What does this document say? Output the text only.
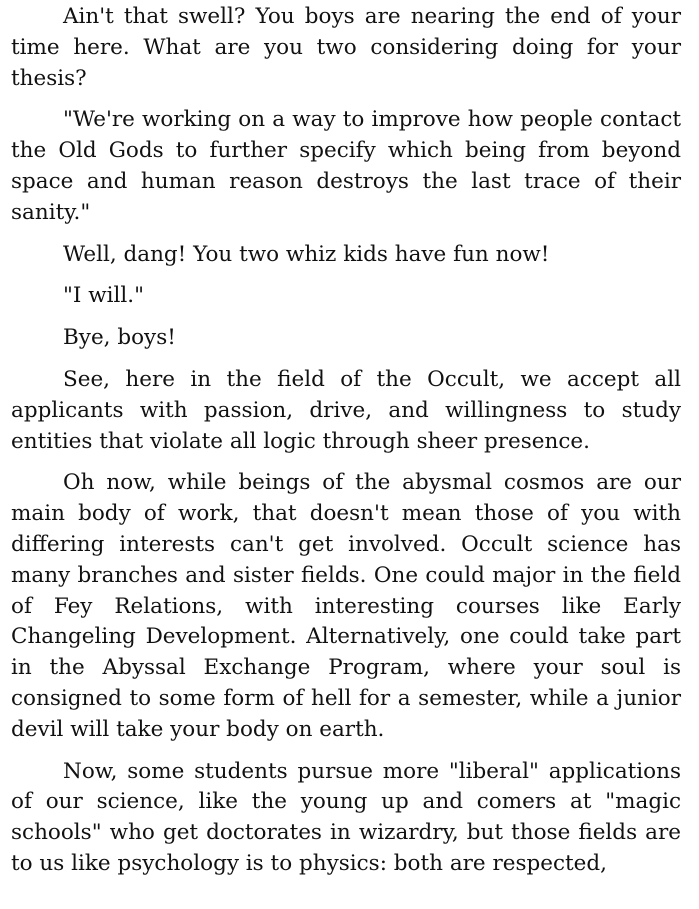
Ain't that swell? You boys are nearing the end of your time here. What are you two considering doing for your thesis?

"We're working on a way to improve how people contact the Old Gods to further specify which being from beyond space and human reason destroys the last trace of their sanity."

Well, dang! You two whiz kids have fun now!

"I will."

Bye, boys!

See, here in the field of the Occult, we accept all applicants with passion, drive, and willingness to study entities that violate all logic through sheer presence.

Oh now, while beings of the abysmal cosmos are our main body of work, that doesn't mean those of you with differing interests can't get involved. Occult science has many branches and sister fields. One could major in the field of Fey Relations, with interesting courses like Early Changeling Development. Alternatively, one could take part in the Abyssal Exchange Program, where your soul is consigned to some form of hell for a semester, while a junior devil will take your body on earth.

Now, some students pursue more "liberal" applications of our science, like the young up and comers at "magic schools" who get doctorates in wizardry, but those fields are to us like psychology is to physics: both are respected,
